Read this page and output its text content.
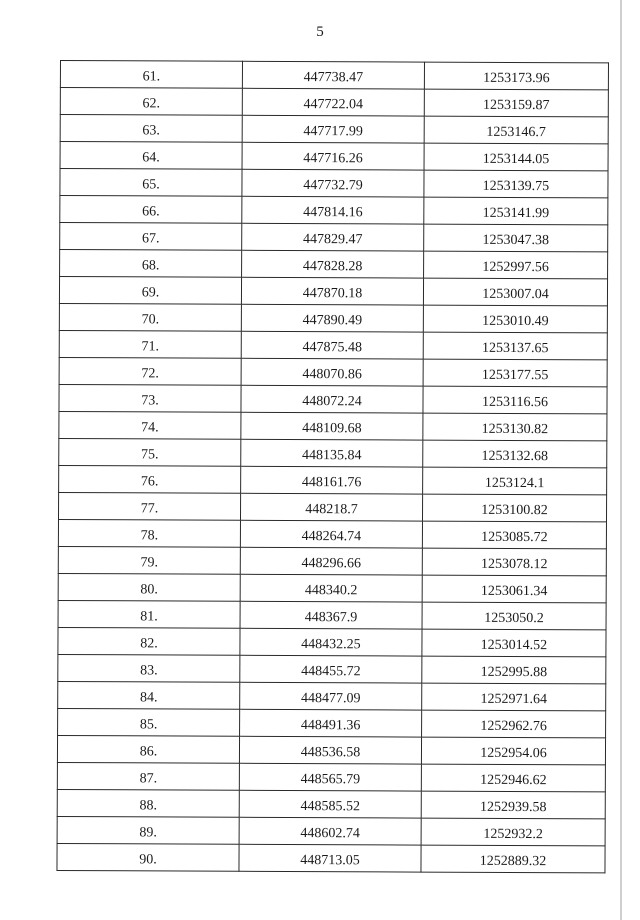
5
61.	447738.47	1253173.96
62.	447722.04	1253159.87
63.	447717.99	1253146.7
64.	447716.26	1253144.05
65.	447732.79	1253139.75
66.	447814.16	1253141.99
67.	447829.47	1253047.38
68.	447828.28	1252997.56
69.	447870.18	1253007.04
70.	447890.49	1253010.49
71.	447875.48	1253137.65
72.	448070.86	1253177.55
73.	448072.24	1253116.56
74.	448109.68	1253130.82
75.	448135.84	1253132.68
76.	448161.76	1253124.1
77.	448218.7	1253100.82
78.	448264.74	1253085.72
79.	448296.66	1253078.12
80.	448340.2	1253061.34
81.	448367.9	1253050.2
82.	448432.25	1253014.52
83.	448455.72	1252995.88
84.	448477.09	1252971.64
85.	448491.36	1252962.76
86.	448536.58	1252954.06
87.	448565.79	1252946.62
88.	448585.52	1252939.58
89.	448602.74	1252932.2
90.	448713.05	1252889.32
